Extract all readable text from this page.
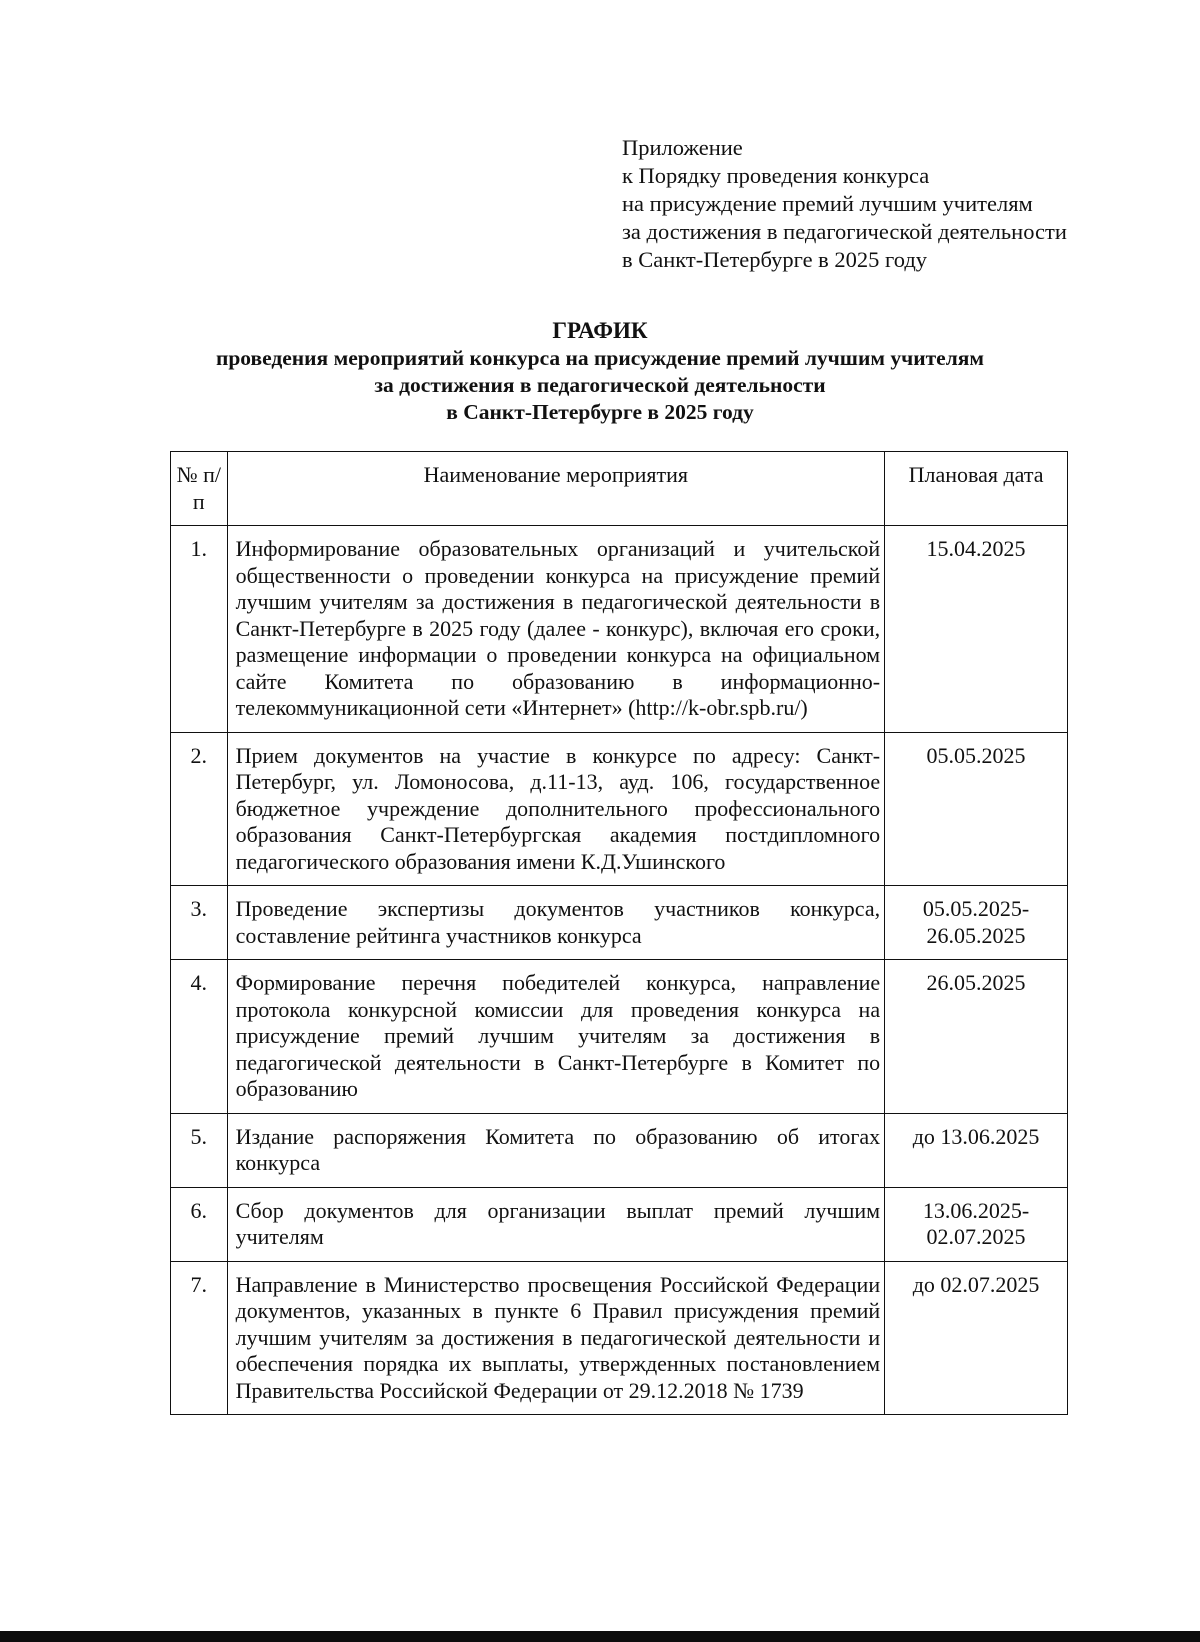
Приложение
к Порядку проведения конкурса
на присуждение премий лучшим учителям
за достижения в педагогической деятельности
в Санкт-Петербурге в 2025 году
ГРАФИК
проведения мероприятий конкурса на присуждение премий лучшим учителям
за достижения в педагогической деятельности
в Санкт-Петербурге в 2025 году
№ п/п	Наименование мероприятия	Плановая дата
1.	Информирование образовательных организаций и учительской общественности о проведении конкурса на присуждение премий лучшим учителям за достижения в педагогической деятельности в Санкт-Петербурге в 2025 году (далее - конкурс), включая его сроки, размещение информации о проведении конкурса на официальном сайте Комитета по образованию в информационно-телекоммуникационной сети «Интернет» (http://k-obr.spb.ru/)	15.04.2025
2.	Прием документов на участие в конкурсе по адресу: Санкт-Петербург, ул. Ломоносова, д.11-13, ауд. 106, государственное бюджетное учреждение дополнительного профессионального образования Санкт-Петербургская академия постдипломного педагогического образования имени К.Д.Ушинского	05.05.2025
3.	Проведение экспертизы документов участников конкурса, составление рейтинга участников конкурса	05.05.2025-26.05.2025
4.	Формирование перечня победителей конкурса, направление протокола конкурсной комиссии для проведения конкурса на присуждение премий лучшим учителям за достижения в педагогической деятельности в Санкт-Петербурге в Комитет по образованию	26.05.2025
5.	Издание распоряжения Комитета по образованию об итогах конкурса	до 13.06.2025
6.	Сбор документов для организации выплат премий лучшим учителям	13.06.2025-02.07.2025
7.	Направление в Министерство просвещения Российской Федерации документов, указанных в пункте 6 Правил присуждения премий лучшим учителям за достижения в педагогической деятельности и обеспечения порядка их выплаты, утвержденных постановлением Правительства Российской Федерации от 29.12.2018 № 1739	до 02.07.2025
